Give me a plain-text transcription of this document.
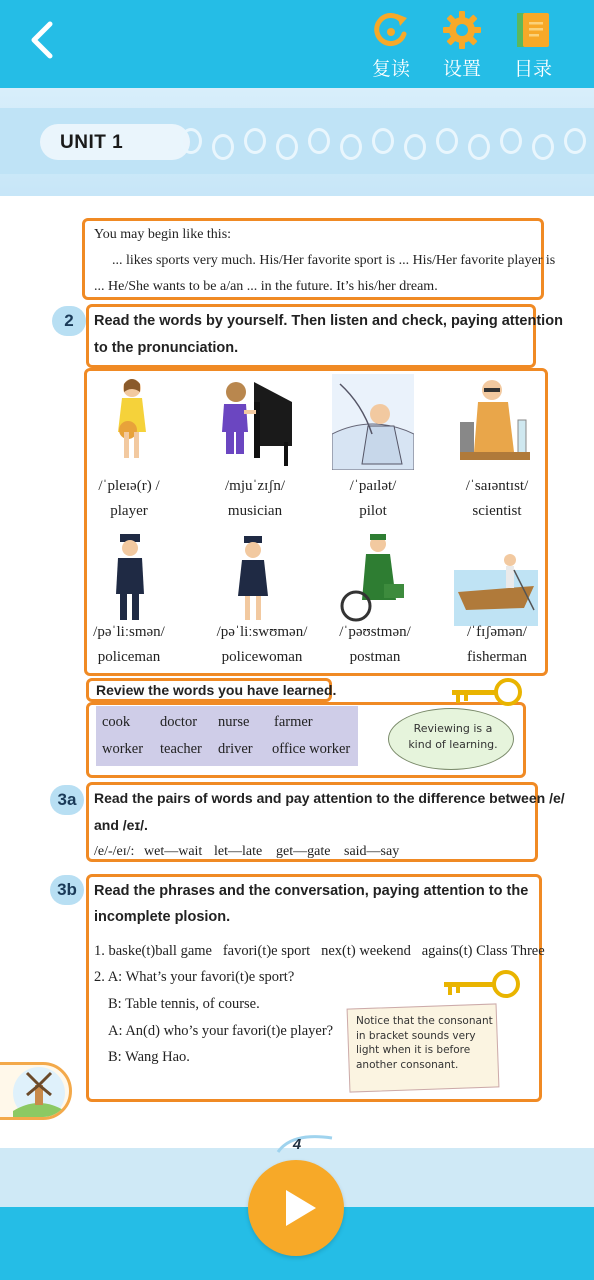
复读	设置	目录
UNIT 1
You may begin like this:
... likes sports very much. His/Her favorite sport is ... His/Her favorite player is
... He/She wants to be a/an ... in the future. It’s his/her dream.
2	Read the words by yourself. Then listen and check, paying attention
to the pronunciation.
/ˈpleɪə(r) /
player
/mjuˈzɪʃn/
musician
/ˈpaɪlət/
pilot
/ˈsaɪəntɪst/
scientist
/pəˈliːsmən/
policeman
/pəˈliːswʊmən/
policewoman
/ˈpəʊstmən/
postman
/ˈfɪʃəmən/
fisherman
Review the words you have learned.
cook doctor nurse farmer
worker teacher driver office worker
Reviewing is a
kind of learning.
3a	Read the pairs of words and pay attention to the difference between /e/
and /eɪ/.
/e/-/eɪ/: wet—wait let—late get—gate said—say
3b	Read the phrases and the conversation, paying attention to the
incomplete plosion.
1. baske(t)ball game   favori(t)e sport   nex(t) weekend   agains(t) Class Three
2. A: What’s your favori(t)e sport?
B: Table tennis, of course.
A: An(d) who’s your favori(t)e player?
B: Wang Hao.
Notice that the consonant in bracket sounds very light when it is before another consonant.
4
